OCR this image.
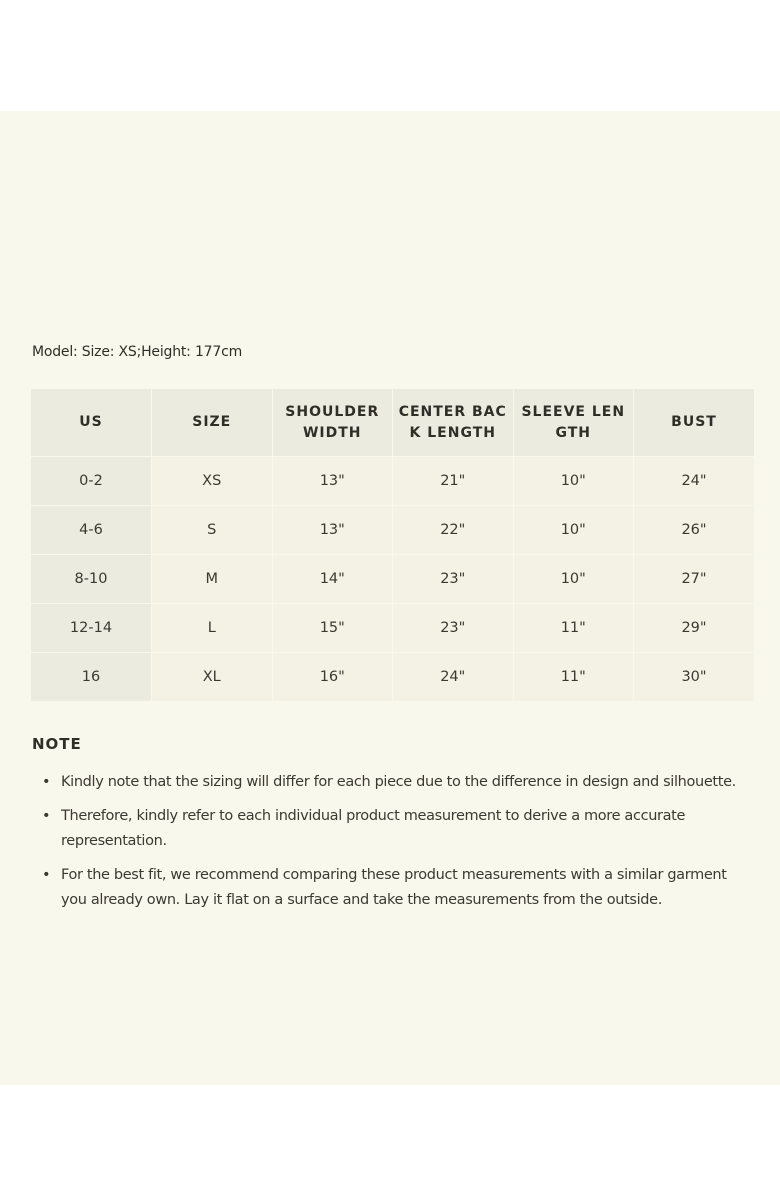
Model: Size: XS;Height: 177cm
US	SIZE	SHOULDER WIDTH	CENTER BACK LENGTH	SLEEVE LENGTH	BUST

0-2	XS	13"	21"	10"	24"
4-6	S	13"	22"	10"	26"
8-10	M	14"	23"	10"	27"
12-14	L	15"	23"	11"	29"
16	XL	16"	24"	11"	30"
NOTE
• Kindly note that the sizing will differ for each piece due to the difference in design and silhouette.
• Therefore, kindly refer to each individual product measurement to derive a more accurate representation.
• For the best fit, we recommend comparing these product measurements with a similar garment you already own. Lay it flat on a surface and take the measurements from the outside.
